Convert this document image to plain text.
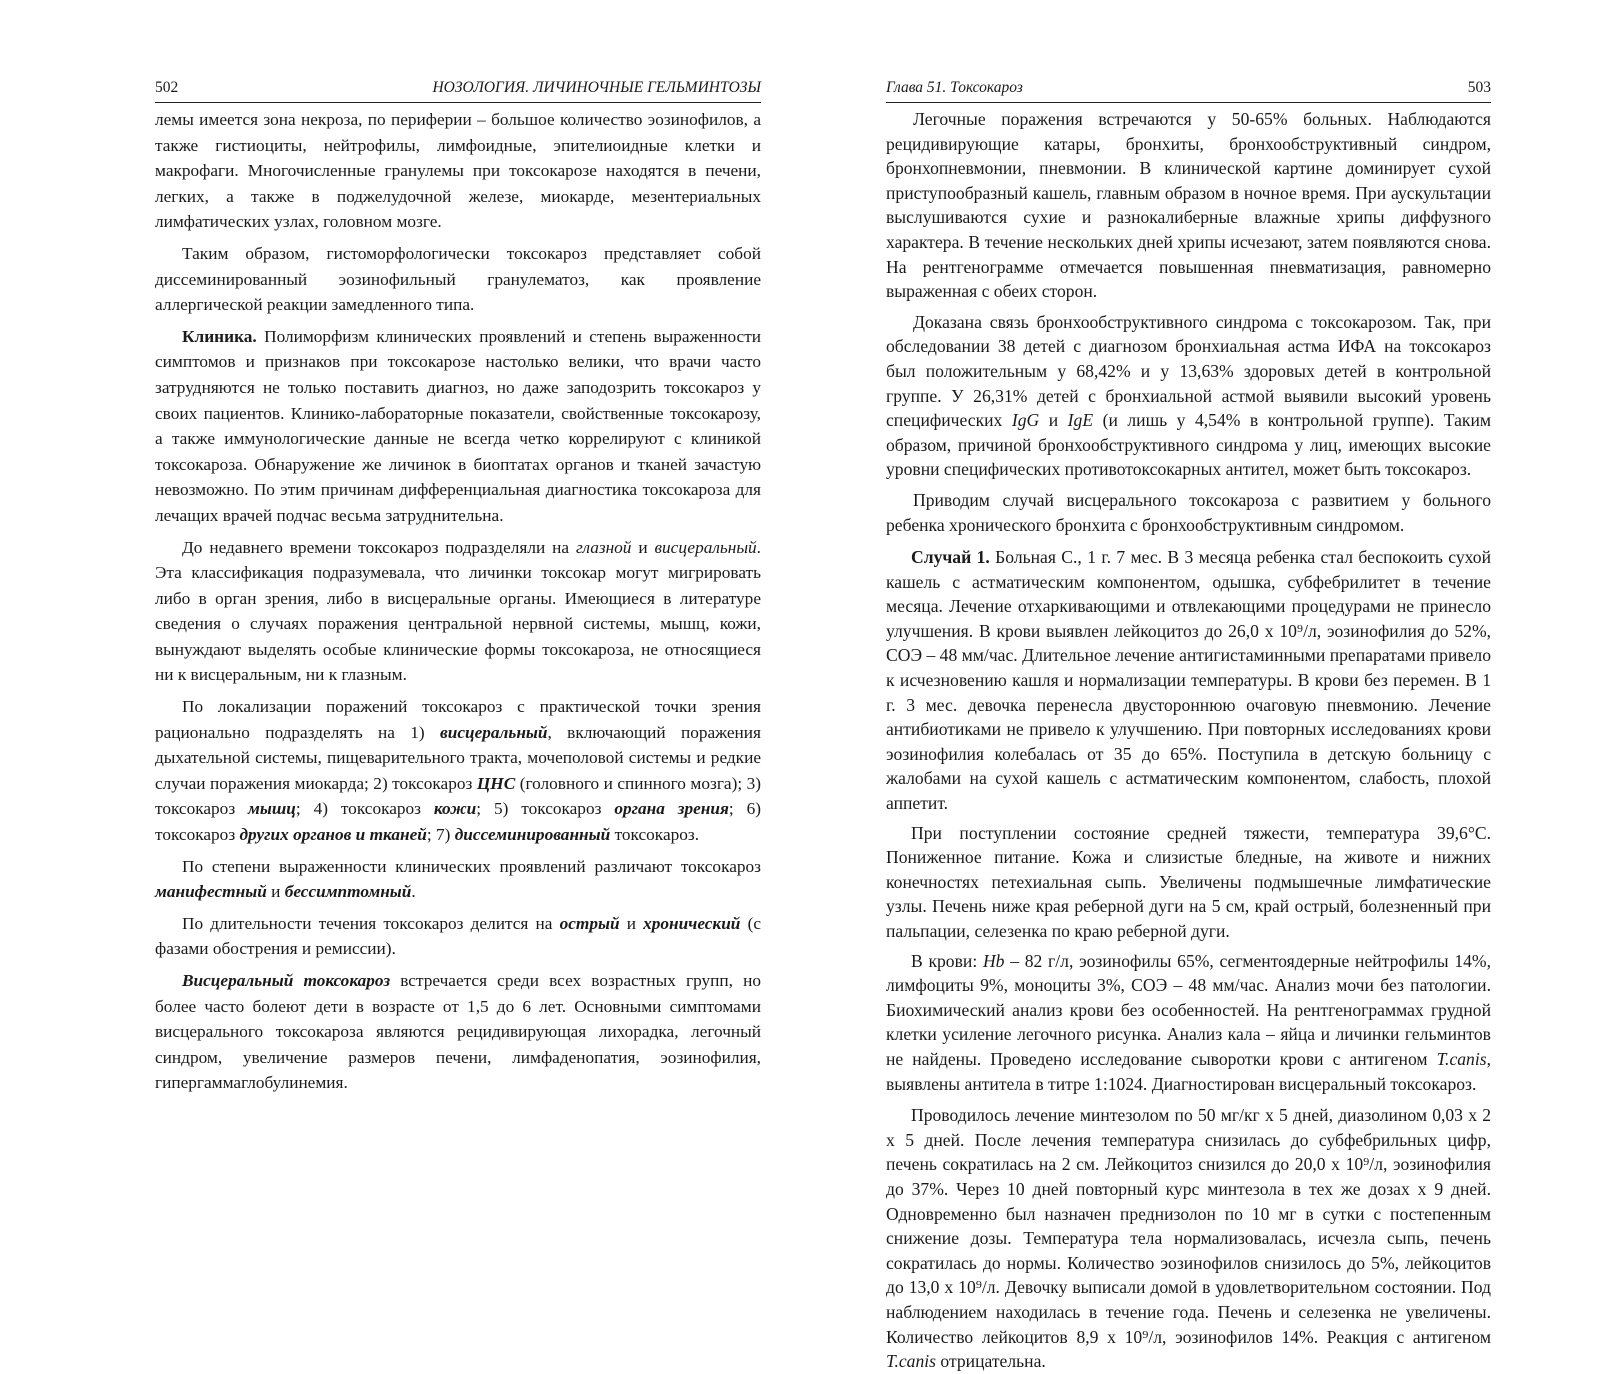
502	НОЗОЛОГИЯ. ЛИЧИНОЧНЫЕ ГЕЛЬМИНТОЗЫ

лемы имеется зона некроза, по периферии – большое количество эозинофилов, а также гистиоциты, нейтрофилы, лимфоидные, эпителиоидные клетки и макрофаги. Многочисленные гранулемы при токсокарозе находятся в печени, легких, а также в поджелудочной железе, миокарде, мезентериальных лимфатических узлах, головном мозге.

Таким образом, гистоморфологически токсокароз представляет собой диссеминированный эозинофильный гранулематоз, как проявление аллергической реакции замедленного типа.

Клиника. Полиморфизм клинических проявлений и степень выраженности симптомов и признаков при токсокарозе настолько велики, что врачи часто затрудняются не только поставить диагноз, но даже заподозрить токсокароз у своих пациентов. Клинико-лабораторные показатели, свойственные токсокарозу, а также иммунологические данные не всегда четко коррелируют с клиникой токсокароза. Обнаружение же личинок в биоптатах органов и тканей зачастую невозможно. По этим причинам дифференциальная диагностика токсокароза для лечащих врачей подчас весьма затруднительна.

До недавнего времени токсокароз подразделяли на глазной и висцеральный. Эта классификация подразумевала, что личинки токсокар могут мигрировать либо в орган зрения, либо в висцеральные органы. Имеющиеся в литературе сведения о случаях поражения центральной нервной системы, мышц, кожи, вынуждают выделять особые клинические формы токсокароза, не относящиеся ни к висцеральным, ни к глазным.

По локализации поражений токсокароз с практической точки зрения рационально подразделять на 1) висцеральный, включающий поражения дыхательной системы, пищеварительного тракта, мочеполовой системы и редкие случаи поражения миокарда; 2) токсокароз ЦНС (головного и спинного мозга); 3) токсокароз мышц; 4) токсокароз кожи; 5) токсокароз органа зрения; 6) токсокароз других органов и тканей; 7) диссеминированный токсокароз.

По степени выраженности клинических проявлений различают токсокароз манифестный и бессимптомный.

По длительности течения токсокароз делится на острый и хронический (с фазами обострения и ремиссии).

Висцеральный токсокароз встречается среди всех возрастных групп, но более часто болеют дети в возрасте от 1,5 до 6 лет. Основными симптомами висцерального токсокароза являются рецидивирующая лихорадка, легочный синдром, увеличение размеров печени, лимфаденопатия, эозинофилия, гипергаммаглобулинемия.

Глава 51. Токсокароз	503

Легочные поражения встречаются у 50-65% больных. Наблюдаются рецидивирующие катары, бронхиты, бронхообструктивный синдром, бронхопневмонии, пневмонии. В клинической картине доминирует сухой приступообразный кашель, главным образом в ночное время. При аускультации выслушиваются сухие и разнокалиберные влажные хрипы диффузного характера. В течение нескольких дней хрипы исчезают, затем появляются снова. На рентгенограмме отмечается повышенная пневматизация, равномерно выраженная с обеих сторон.

Доказана связь бронхообструктивного синдрома с токсокарозом. Так, при обследовании 38 детей с диагнозом бронхиальная астма ИФА на токсокароз был положительным у 68,42% и у 13,63% здоровых детей в контрольной группе. У 26,31% детей с бронхиальной астмой выявили высокий уровень специфических IgG и IgE (и лишь у 4,54% в контрольной группе). Таким образом, причиной бронхообструктивного синдрома у лиц, имеющих высокие уровни специфических противотоксокарных антител, может быть токсокароз.

Приводим случай висцерального токсокароза с развитием у больного ребенка хронического бронхита с бронхообструктивным синдромом.

Случай 1. Больная С., 1 г. 7 мес. В 3 месяца ребенка стал беспокоить сухой кашель с астматическим компонентом, одышка, субфебрилитет в течение месяца. Лечение отхаркивающими и отвлекающими процедурами не принесло улучшения. В крови выявлен лейкоцитоз до 26,0 х 10⁹/л, эозинофилия до 52%, СОЭ – 48 мм/час. Длительное лечение антигистаминными препаратами привело к исчезновению кашля и нормализации температуры. В крови без перемен. В 1 г. 3 мес. девочка перенесла двустороннюю очаговую пневмонию. Лечение антибиотиками не привело к улучшению. При повторных исследованиях крови эозинофилия колебалась от 35 до 65%. Поступила в детскую больницу с жалобами на сухой кашель с астматическим компонентом, слабость, плохой аппетит.

При поступлении состояние средней тяжести, температура 39,6°С. Пониженное питание. Кожа и слизистые бледные, на животе и нижних конечностях петехиальная сыпь. Увеличены подмышечные лимфатические узлы. Печень ниже края реберной дуги на 5 см, край острый, болезненный при пальпации, селезенка по краю реберной дуги.

В крови: Hb – 82 г/л, эозинофилы 65%, сегментоядерные нейтрофилы 14%, лимфоциты 9%, моноциты 3%, СОЭ – 48 мм/час. Анализ мочи без патологии. Биохимический анализ крови без особенностей. На рентгенограммах грудной клетки усиление легочного рисунка. Анализ кала – яйца и личинки гельминтов не найдены. Проведено исследование сыворотки крови с антигеном T.canis, выявлены антитела в титре 1:1024. Диагностирован висцеральный токсокароз.

Проводилось лечение минтезолом по 50 мг/кг х 5 дней, диазолином 0,03 х 2 х 5 дней. После лечения температура снизилась до субфебрильных цифр, печень сократилась на 2 см. Лейкоцитоз снизился до 20,0 х 10⁹/л, эозинофилия до 37%. Через 10 дней повторный курс минтезола в тех же дозах х 9 дней. Одновременно был назначен преднизолон по 10 мг в сутки с постепенным снижение дозы. Температура тела нормализовалась, исчезла сыпь, печень сократилась до нормы. Количество эозинофилов снизилось до 5%, лейкоцитов до 13,0 х 10⁹/л. Девочку выписали домой в удовлетворительном состоянии. Под наблюдением находилась в течение года. Печень и селезенка не увеличены. Количество лейкоцитов 8,9 х 10⁹/л, эозинофилов 14%. Реакция с антигеном T.canis отрицательна.
